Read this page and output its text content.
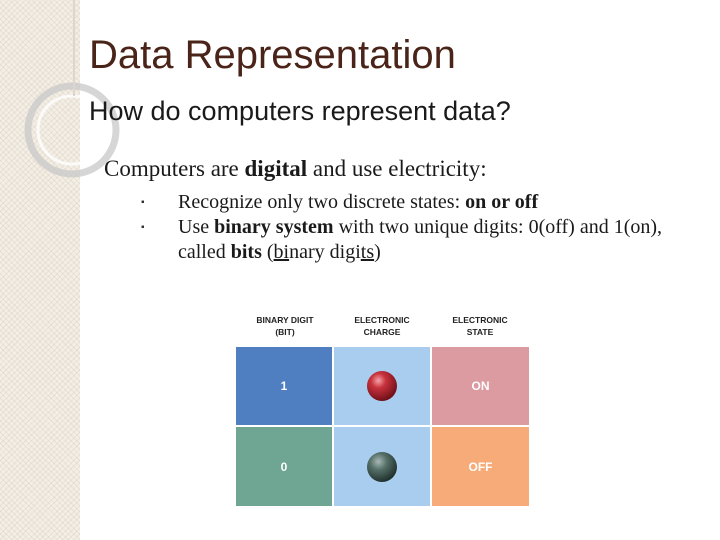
Data Representation
How do computers represent data?
Computers are digital and use electricity:
▪ Recognize only two discrete states: on or off
▪ Use binary system with two unique digits: 0(off) and 1(on), called bits (binary digits)
BINARY DIGIT
(BIT)
ELECTRONIC
CHARGE
ELECTRONIC
STATE
1	ON
0	OFF
